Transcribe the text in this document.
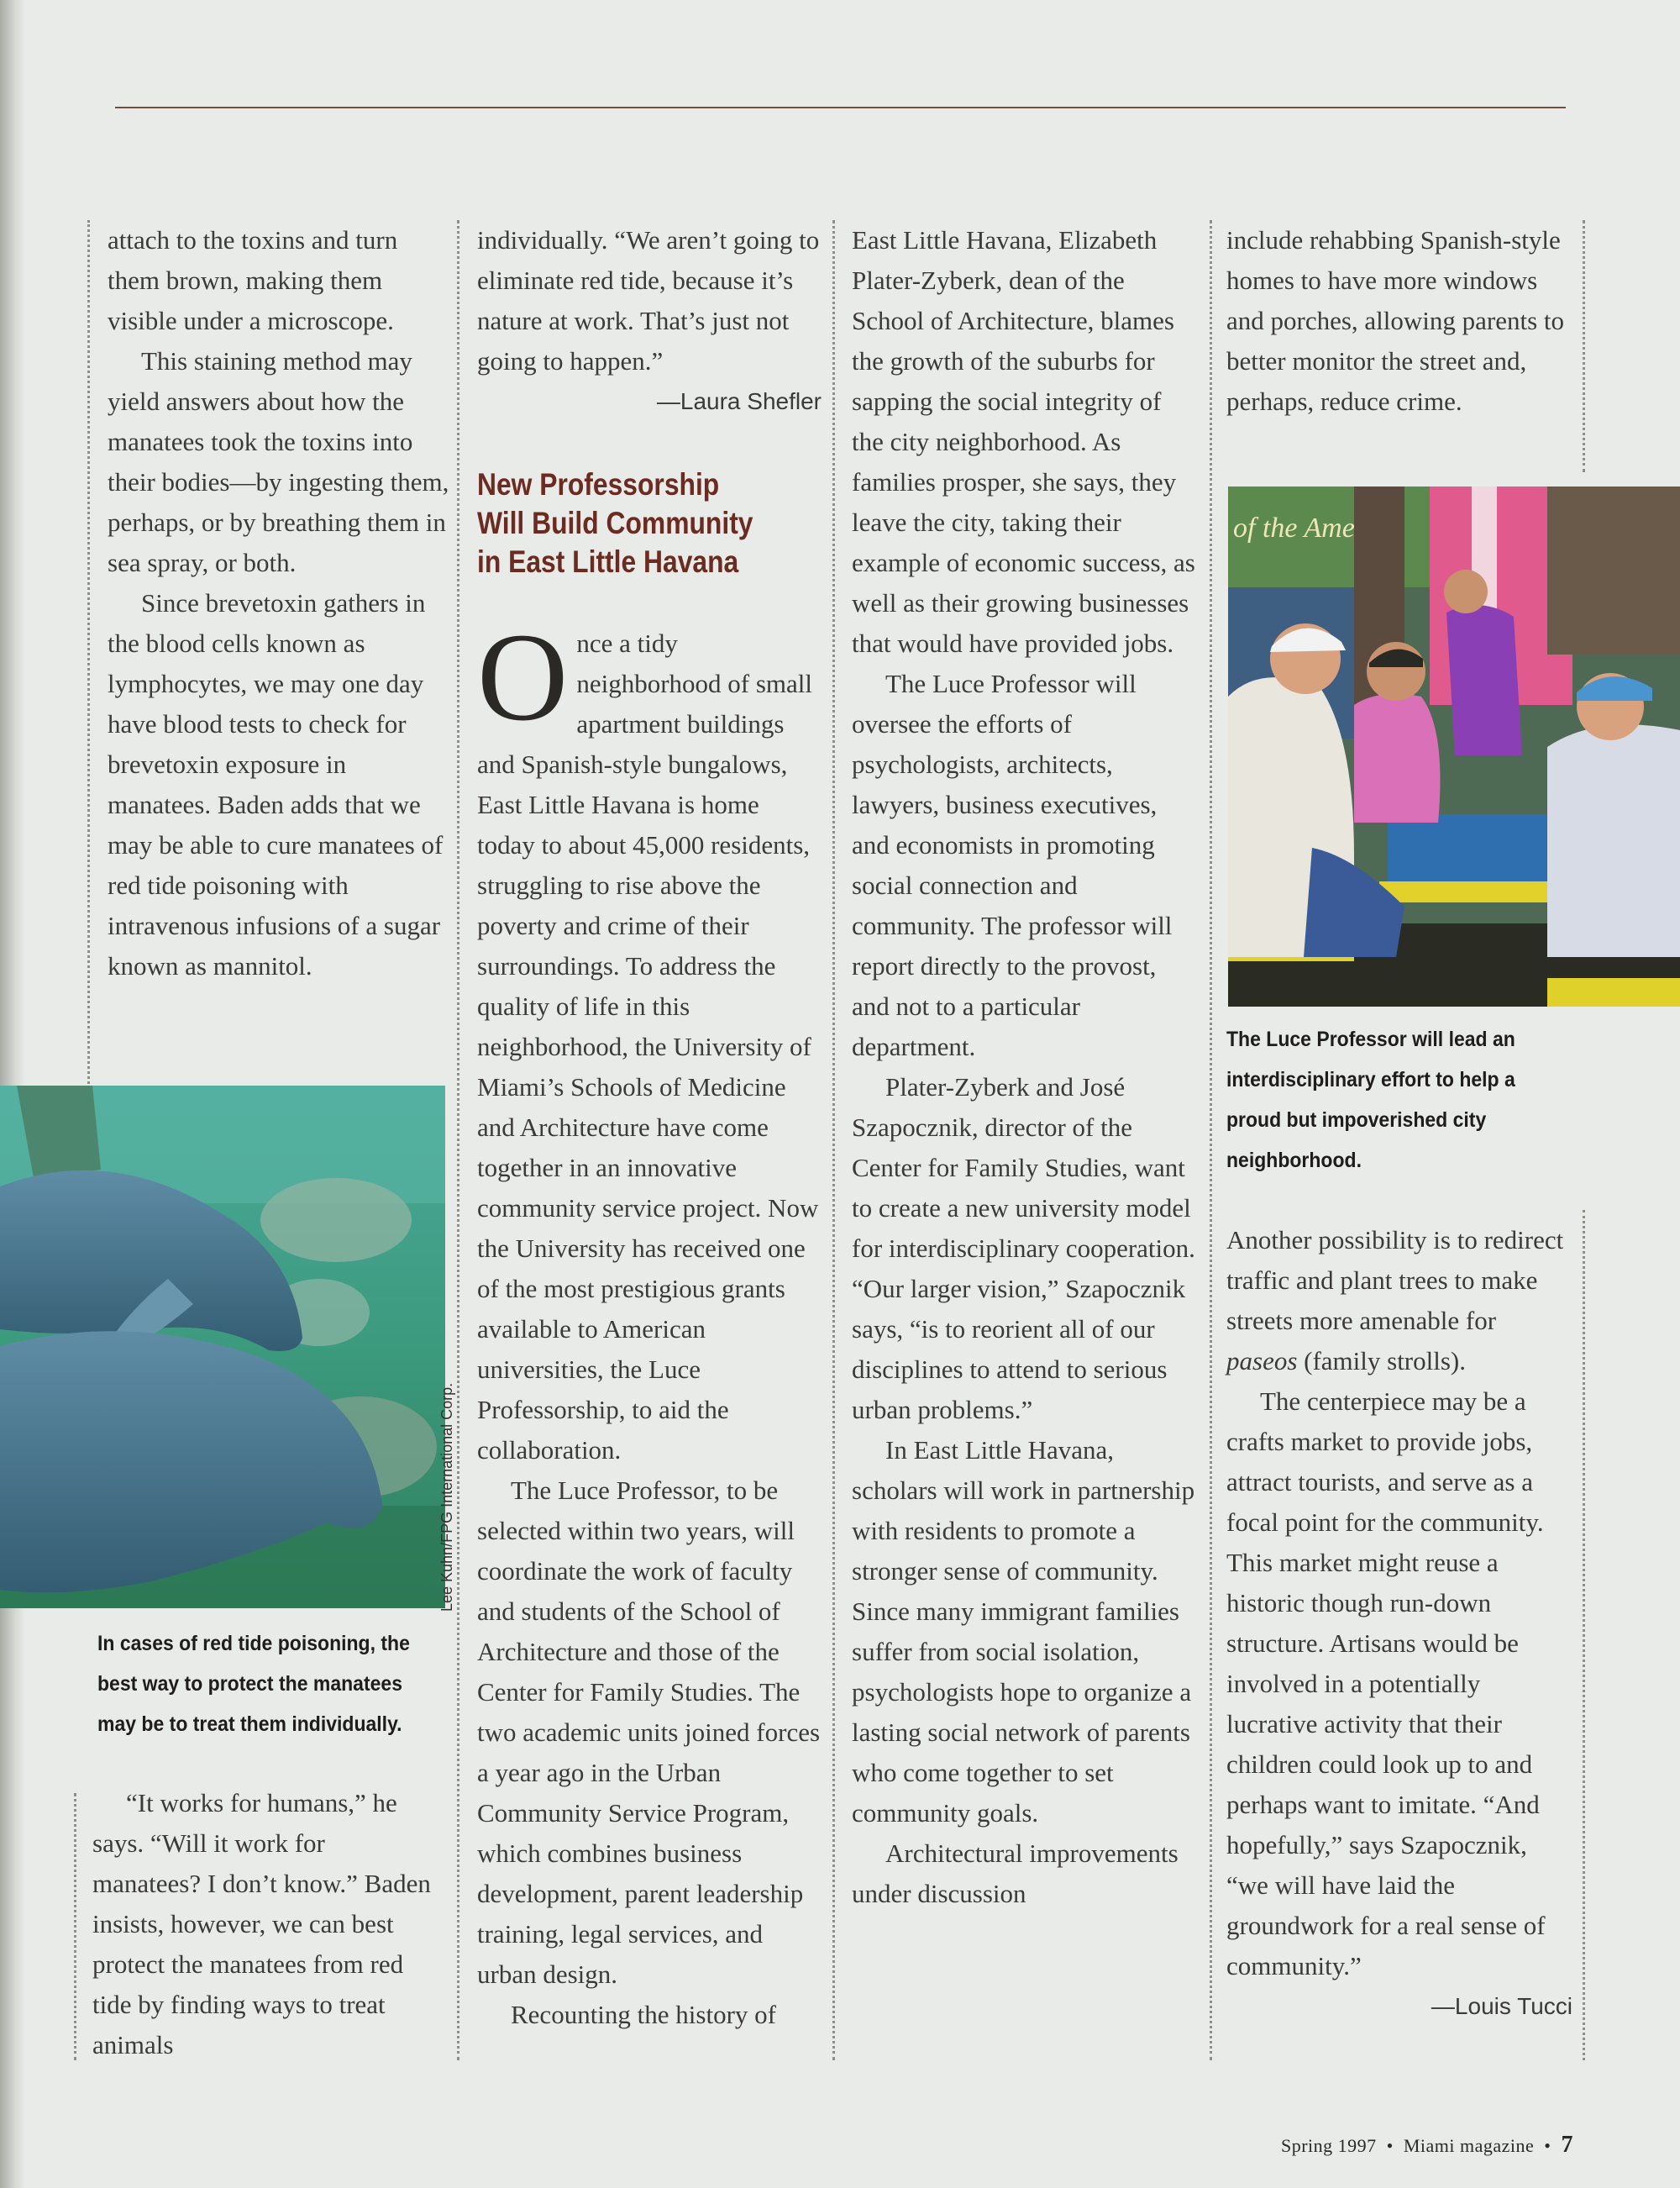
attach to the toxins and turn them brown, making them visible under a microscope.

This staining method may yield answers about how the manatees took the toxins into their bodies—by ingesting them, perhaps, or by breathing them in sea spray, or both.

Since brevetoxin gathers in the blood cells known as lymphocytes, we may one day have blood tests to check for brevetoxin exposure in manatees. Baden adds that we may be able to cure manatees of red tide poisoning with intravenous infusions of a sugar known as mannitol.

Lee Kuhn/FPG International Corp.
In cases of red tide poisoning, the
best way to protect the manatees
may be to treat them individually.

“It works for humans,” he says. “Will it work for manatees? I don’t know.” Baden insists, however, we can best protect the manatees from red tide by finding ways to treat animals

individually. “We aren’t going to eliminate red tide, because it’s nature at work. That’s just not going to happen.”

—Laura Shefler

New Professorship
Will Build Community
in East Little Havana

Once a tidy neighborhood of small apartment buildings and Spanish-style bungalows, East Little Havana is home today to about 45,000 residents, struggling to rise above the poverty and crime of their surroundings. To address the quality of life in this neighborhood, the University of Miami’s Schools of Medicine and Architecture have come together in an innovative community service project. Now the University has received one of the most prestigious grants available to American universities, the Luce Professorship, to aid the collaboration.

The Luce Professor, to be selected within two years, will coordinate the work of faculty and students of the School of Architecture and those of the Center for Family Studies. The two academic units joined forces a year ago in the Urban Community Service Program, which combines business development, parent leadership training, legal services, and urban design.

Recounting the history of

East Little Havana, Elizabeth Plater-Zyberk, dean of the School of Architecture, blames the growth of the suburbs for sapping the social integrity of the city neighborhood. As families prosper, she says, they leave the city, taking their example of economic success, as well as their growing businesses that would have provided jobs.

The Luce Professor will oversee the efforts of psychologists, architects, lawyers, business executives, and economists in promoting social connection and community. The professor will report directly to the provost, and not to a particular department.

Plater-Zyberk and José Szapocznik, director of the Center for Family Studies, want to create a new university model for interdisciplinary cooperation. “Our larger vision,” Szapocznik says, “is to reorient all of our disciplines to attend to serious urban problems.”

In East Little Havana, scholars will work in partnership with residents to promote a stronger sense of community. Since many immigrant families suffer from social isolation, psychologists hope to organize a lasting social network of parents who come together to set community goals.

Architectural improvements under discussion

include rehabbing Spanish-style homes to have more windows and porches, allowing parents to better monitor the street and, perhaps, reduce crime.

of the Ame
The Luce Professor will lead an
interdisciplinary effort to help a
proud but impoverished city
neighborhood.

Another possibility is to redirect traffic and plant trees to make streets more amenable for paseos (family strolls).

The centerpiece may be a crafts market to provide jobs, attract tourists, and serve as a focal point for the community. This market might reuse a historic though run-down structure. Artisans would be involved in a potentially lucrative activity that their children could look up to and perhaps want to imitate. “And hopefully,” says Szapocznik, “we will have laid the groundwork for a real sense of community.”

—Louis Tucci

Spring 1997 • Miami magazine • 7
